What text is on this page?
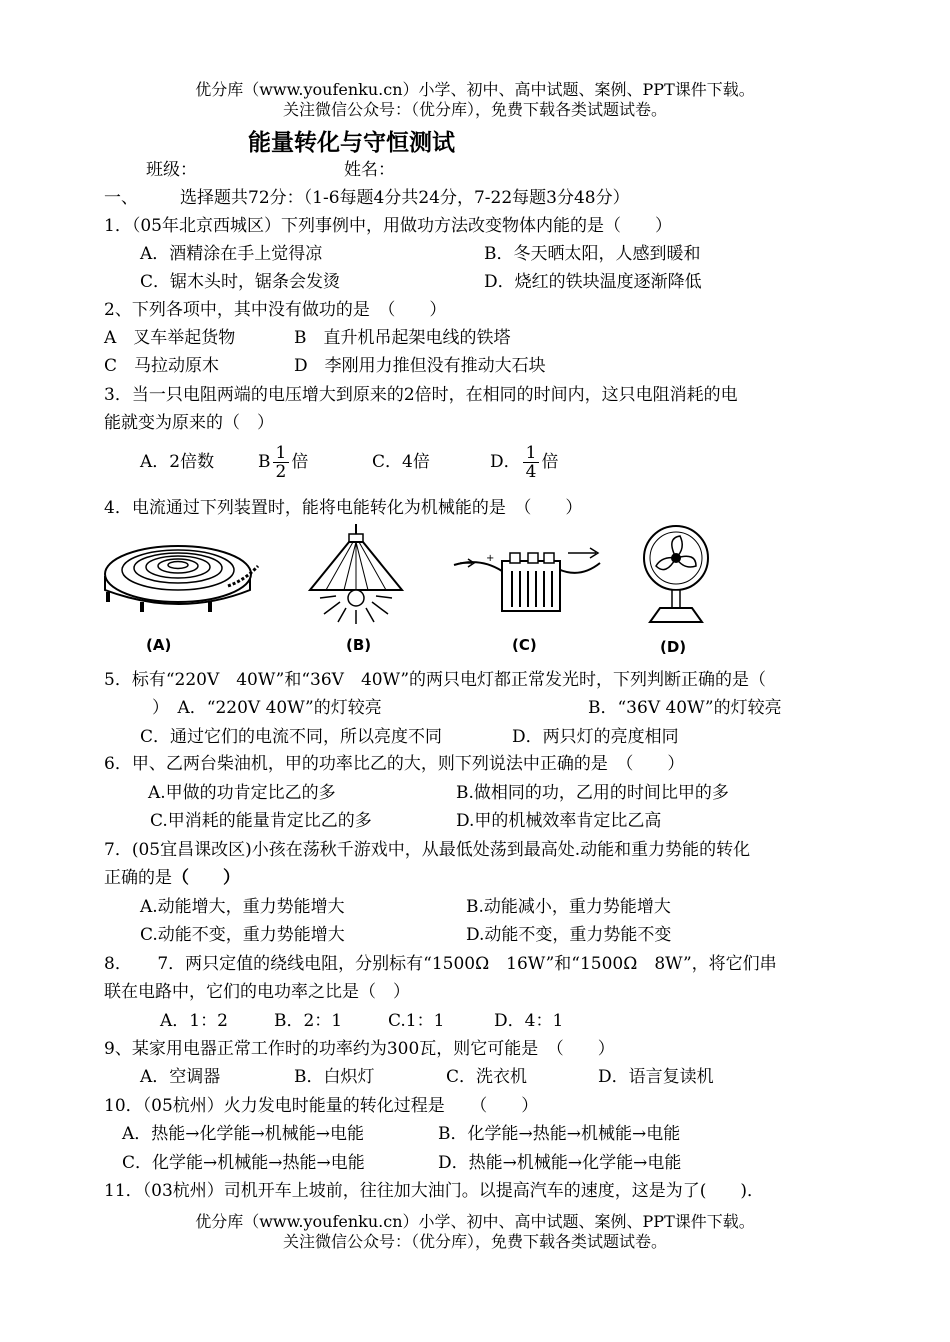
优分库（www.youfenku.cn）小学、初中、高中试题、案例、PPT课件下载。
关注微信公众号：（优分库），免费下载各类试题试卷。
能量转化与守恒测试
班级：	姓名：
一、 选择题共72分：（1-6每题4分共24分，7-22每题3分48分）
1．（05年北京西城区）下列事例中，用做功方法改变物体内能的是（　　）
A．酒精涂在手上觉得凉	B．冬天晒太阳，人感到暖和
C．锯木头时，锯条会发烫	D．烧红的铁块温度逐渐降低
2、下列各项中，其中没有做功的是　（　　）
A　叉车举起货物	B　直升机吊起架电线的铁塔
C　马拉动原木	D　李刚用力推但没有推动大石块
3．当一只电阻两端的电压增大到原来的2倍时，在相同的时间内，这只电阻消耗的电
能就变为原来的（　）
A．2倍数	B $\frac{1}{2}$ 倍	C．4倍	D． $\frac{1}{4}$ 倍
4．电流通过下列装置时，能将电能转化为机械能的是　（　　）
(A)	(B)
+
(C)	(D)
5．标有“220V　40W”和“36V　40W”的两只电灯都正常发光时，下列判断正确的是（
）　A．“220V 40W”的灯较亮	B．“36V 40W”的灯较亮
C．通过它们的电流不同，所以亮度不同	D．两只灯的亮度相同
6．甲、乙两台柴油机，甲的功率比乙的大，则下列说法中正确的是　（　　）
A.甲做的功肯定比乙的多	B.做相同的功，乙用的时间比甲的多
C.甲消耗的能量肯定比乙的多	D.甲的机械效率肯定比乙高
7．(05宜昌课改区)小孩在荡秋千游戏中，从最低处荡到最高处.动能和重力势能的转化
正确的是（　　）
A.动能增大，重力势能增大	B.动能减小，重力势能增大
C.动能不变，重力势能增大	D.动能不变，重力势能不变
8．　　7．两只定值的绕线电阻，分别标有“1500Ω　16W”和“1500Ω　8W”，将它们串
联在电路中，它们的电功率之比是（　）
A．1：2	B．2：1	C.1：1	D．4：1
9、某家用电器正常工作时的功率约为300瓦，则它可能是　（　　）
A．空调器	B．白炽灯	C．洗衣机	D．语言复读机
10．（05杭州）火力发电时能量的转化过程是　　（　　）
A．热能→化学能→机械能→电能	B．化学能→热能→机械能→电能
C．化学能→机械能→热能→电能	D．热能→机械能→化学能→电能
11．（03杭州）司机开车上坡前，往往加大油门。以提高汽车的速度，这是为了(　　)．
优分库（www.youfenku.cn）小学、初中、高中试题、案例、PPT课件下载。
关注微信公众号：（优分库），免费下载各类试题试卷。
